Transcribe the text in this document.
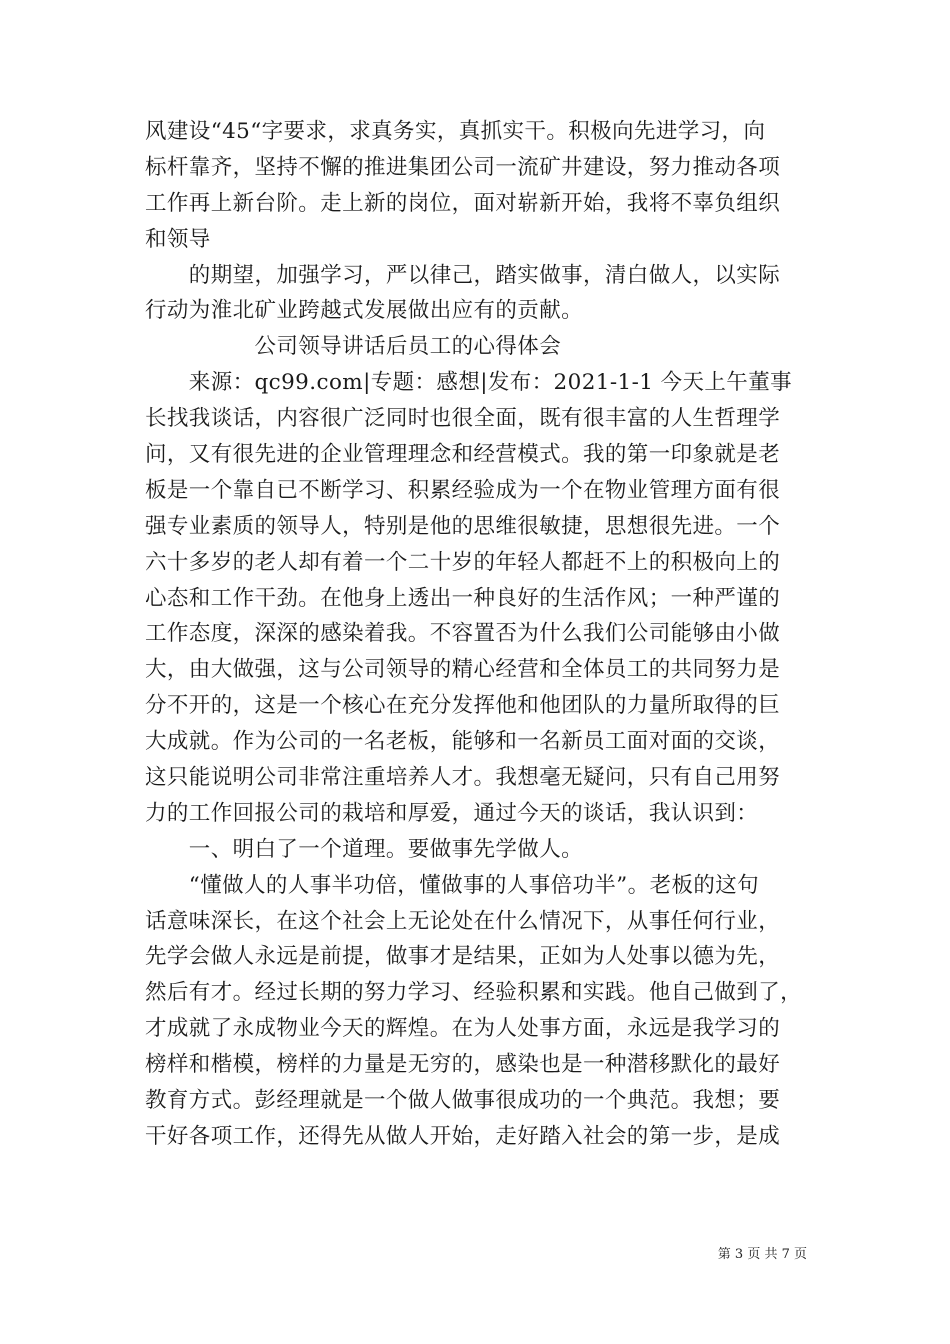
风建设“45“字要求，求真务实，真抓实干。积极向先进学习，向
标杆靠齐，坚持不懈的推进集团公司一流矿井建设，努力推动各项
工作再上新台阶。走上新的岗位，面对崭新开始，我将不辜负组织
和领导
　　的期望，加强学习，严以律己，踏实做事，清白做人，以实际
行动为淮北矿业跨越式发展做出应有的贡献。
　　　　　公司领导讲话后员工的心得体会
　　来源：qc99.com|专题：感想|发布：2021-1-1 今天上午董事
长找我谈话，内容很广泛同时也很全面，既有很丰富的人生哲理学
问，又有很先进的企业管理理念和经营模式。我的第一印象就是老
板是一个靠自已不断学习、积累经验成为一个在物业管理方面有很
强专业素质的领导人，特别是他的思维很敏捷，思想很先进。一个
六十多岁的老人却有着一个二十岁的年轻人都赶不上的积极向上的
心态和工作干劲。在他身上透出一种良好的生活作风；一种严谨的
工作态度，深深的感染着我。不容置否为什么我们公司能够由小做
大，由大做强，这与公司领导的精心经营和全体员工的共同努力是
分不开的，这是一个核心在充分发挥他和他团队的力量所取得的巨
大成就。作为公司的一名老板，能够和一名新员工面对面的交谈，
这只能说明公司非常注重培养人才。我想毫无疑问，只有自己用努
力的工作回报公司的栽培和厚爱，通过今天的谈话，我认识到：
　　一、明白了一个道理。要做事先学做人。
　　“懂做人的人事半功倍，懂做事的人事倍功半”。老板的这句
话意味深长，在这个社会上无论处在什么情况下，从事任何行业，
先学会做人永远是前提，做事才是结果，正如为人处事以德为先，
然后有才。经过长期的努力学习、经验积累和实践。他自己做到了，
才成就了永成物业今天的辉煌。在为人处事方面，永远是我学习的
榜样和楷模，榜样的力量是无穷的，感染也是一种潜移默化的最好
教育方式。彭经理就是一个做人做事很成功的一个典范。我想；要
干好各项工作，还得先从做人开始，走好踏入社会的第一步，是成
第 3 页 共 7 页
